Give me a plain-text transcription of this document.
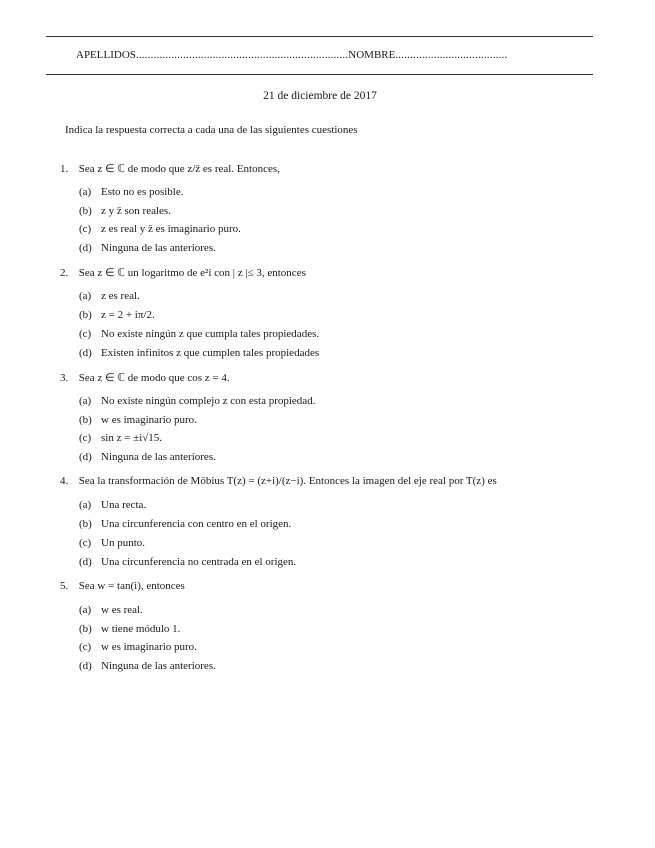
APELLIDOS ........................................................................ NOMBRE ......................................
21 de diciembre de 2017
Indica la respuesta correcta a cada una de las siguientes cuestiones
1. Sea z ∈ ℂ de modo que z/z̄ es real. Entonces,
(a) Esto no es posible.
(b) z y z̄ son reales.
(c) z es real y z̄ es imaginario puro.
(d) Ninguna de las anteriores.
2. Sea z ∈ ℂ un logaritmo de e²i con | z |≤ 3, entonces
(a) z es real.
(b) z = 2 + iπ/2.
(c) No existe ningún z que cumpla tales propiedades.
(d) Existen infinitos z que cumplen tales propiedades
3. Sea z ∈ ℂ de modo que cos z = 4.
(a) No existe ningún complejo z con esta propiedad.
(b) w es imaginario puro.
(c) sin z = ±i√15.
(d) Ninguna de las anteriores.
4. Sea la transformación de Möbius T(z) = (z+i)/(z−i). Entonces la imagen del eje real por T(z) es
(a) Una recta.
(b) Una circunferencia con centro en el origen.
(c) Un punto.
(d) Una circunferencia no centrada en el origen.
5. Sea w = tan(i), entonces
(a) w es real.
(b) w tiene módulo 1.
(c) w es imaginario puro.
(d) Ninguna de las anteriores.
